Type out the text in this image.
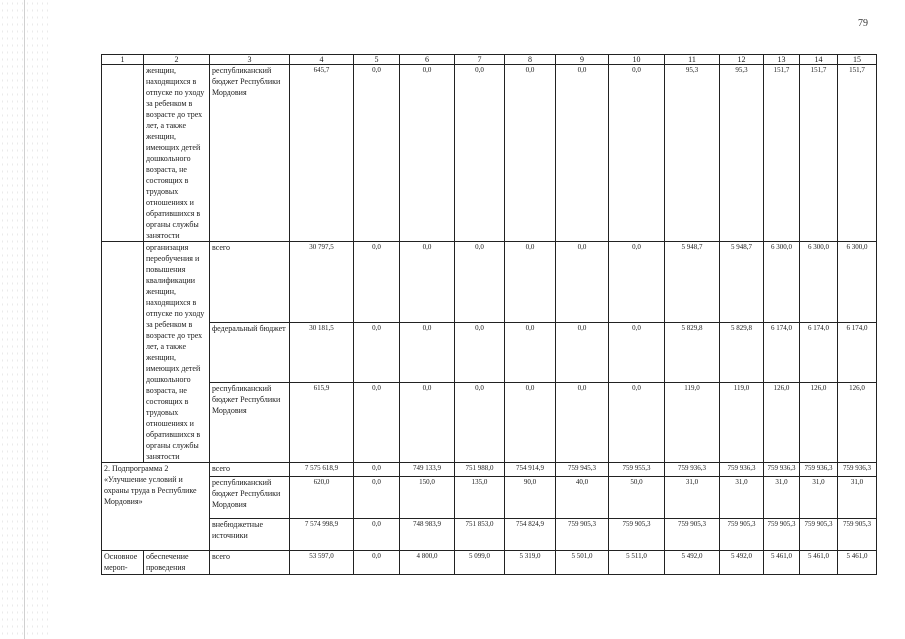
79
1	2	3	4	5	6	7	8	9	10	11	12	13	14	15
	женщин, находящихся в отпуске по уходу за ребенком в возрасте до трех лет, а также женщин, имеющих детей дошкольного возраста, не состоящих в трудовых отношениях и обратившихся в органы службы занятости	республиканский бюджет Республики Мордовия	645,7	0,0	0,0	0,0	0,0	0,0	0,0	95,3	95,3	151,7	151,7	151,7
	организация переобучения и повышения квалификации женщин, находящихся в отпуске по уходу за ребенком в возрасте до трех лет, а также женщин, имеющих детей дошкольного возраста, не состоящих в трудовых отношениях и обратившихся в органы службы занятости	всего	30 797,5	0,0	0,0	0,0	0,0	0,0	0,0	5 948,7	5 948,7	6 300,0	6 300,0	6 300,0
		федеральный бюджет	30 181,5	0,0	0,0	0,0	0,0	0,0	0,0	5 829,8	5 829,8	6 174,0	6 174,0	6 174,0
		республиканский бюджет Республики Мордовия	615,9	0,0	0,0	0,0	0,0	0,0	0,0	119,0	119,0	126,0	126,0	126,0
2. Подпрограмма 2 «Улучшение условий и охраны труда в Республике Мордовия»		всего	7 575 618,9	0,0	749 133,9	751 988,0	754 914,9	759 945,3	759 955,3	759 936,3	759 936,3	759 936,3	759 936,3	759 936,3
		республиканский бюджет Республики Мордовия	620,0	0,0	150,0	135,0	90,0	40,0	50,0	31,0	31,0	31,0	31,0	31,0
		внебюджетные источники	7 574 998,9	0,0	748 983,9	751 853,0	754 824,9	759 905,3	759 905,3	759 905,3	759 905,3	759 905,3	759 905,3	759 905,3
Основное мероп-	обеспечение проведения	всего	53 597,0	0,0	4 800,0	5 099,0	5 319,0	5 501,0	5 511,0	5 492,0	5 492,0	5 461,0	5 461,0	5 461,0
